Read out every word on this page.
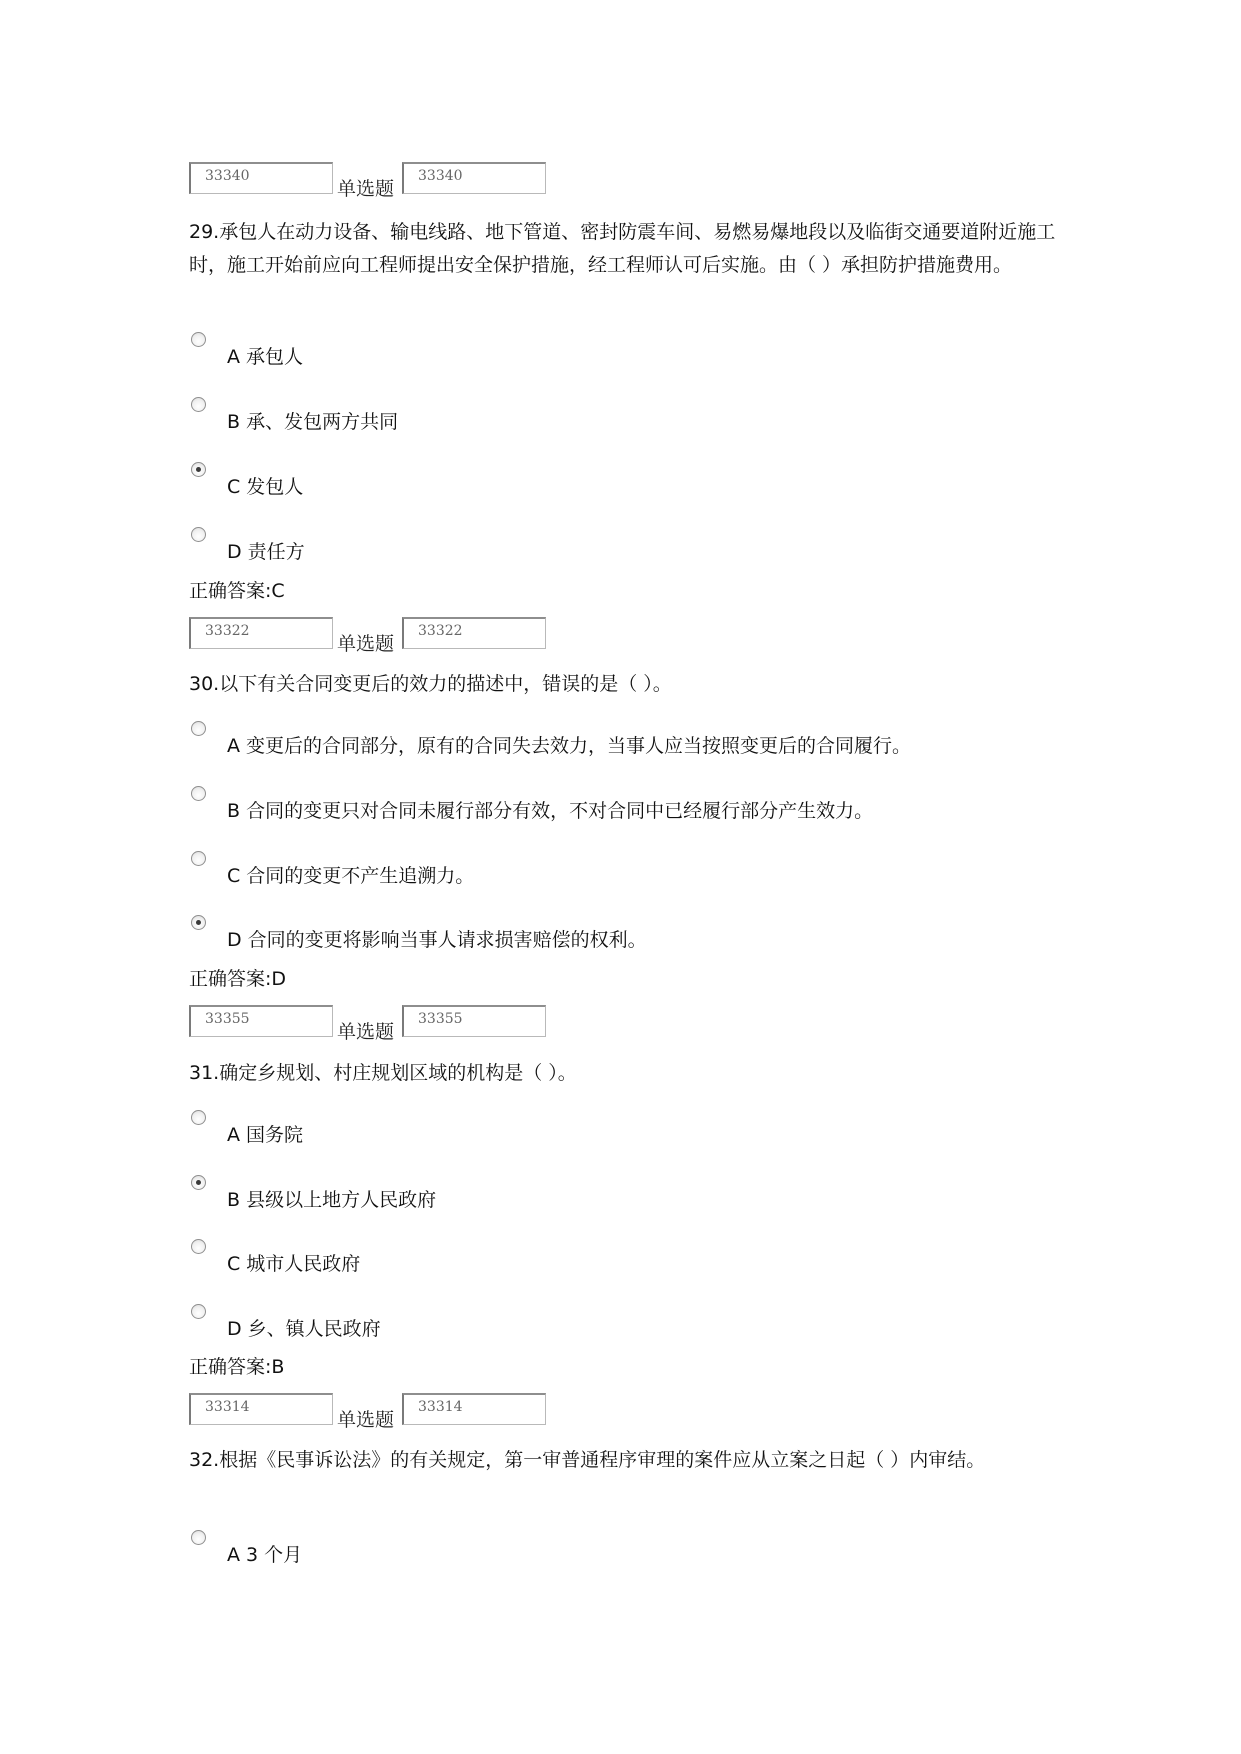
33340
单选题
33340
29.承包人在动力设备、输电线路、地下管道、密封防震车间、易燃易爆地段以及临街交通要道附近施工时，施工开始前应向工程师提出安全保护措施，经工程师认可后实施。由（ ）承担防护措施费用。
A 承包人
B 承、发包两方共同
C 发包人
D 责任方
正确答案:C
33322
单选题
33322
30.以下有关合同变更后的效力的描述中，错误的是（ ）。
A 变更后的合同部分，原有的合同失去效力，当事人应当按照变更后的合同履行。
B 合同的变更只对合同未履行部分有效，不对合同中已经履行部分产生效力。
C 合同的变更不产生追溯力。
D 合同的变更将影响当事人请求损害赔偿的权利。
正确答案:D
33355
单选题
33355
31.确定乡规划、村庄规划区域的机构是（ ）。
A 国务院
B 县级以上地方人民政府
C 城市人民政府
D 乡、镇人民政府
正确答案:B
33314
单选题
33314
32.根据《民事诉讼法》的有关规定，第一审普通程序审理的案件应从立案之日起（ ）内审结。
A 3 个月
